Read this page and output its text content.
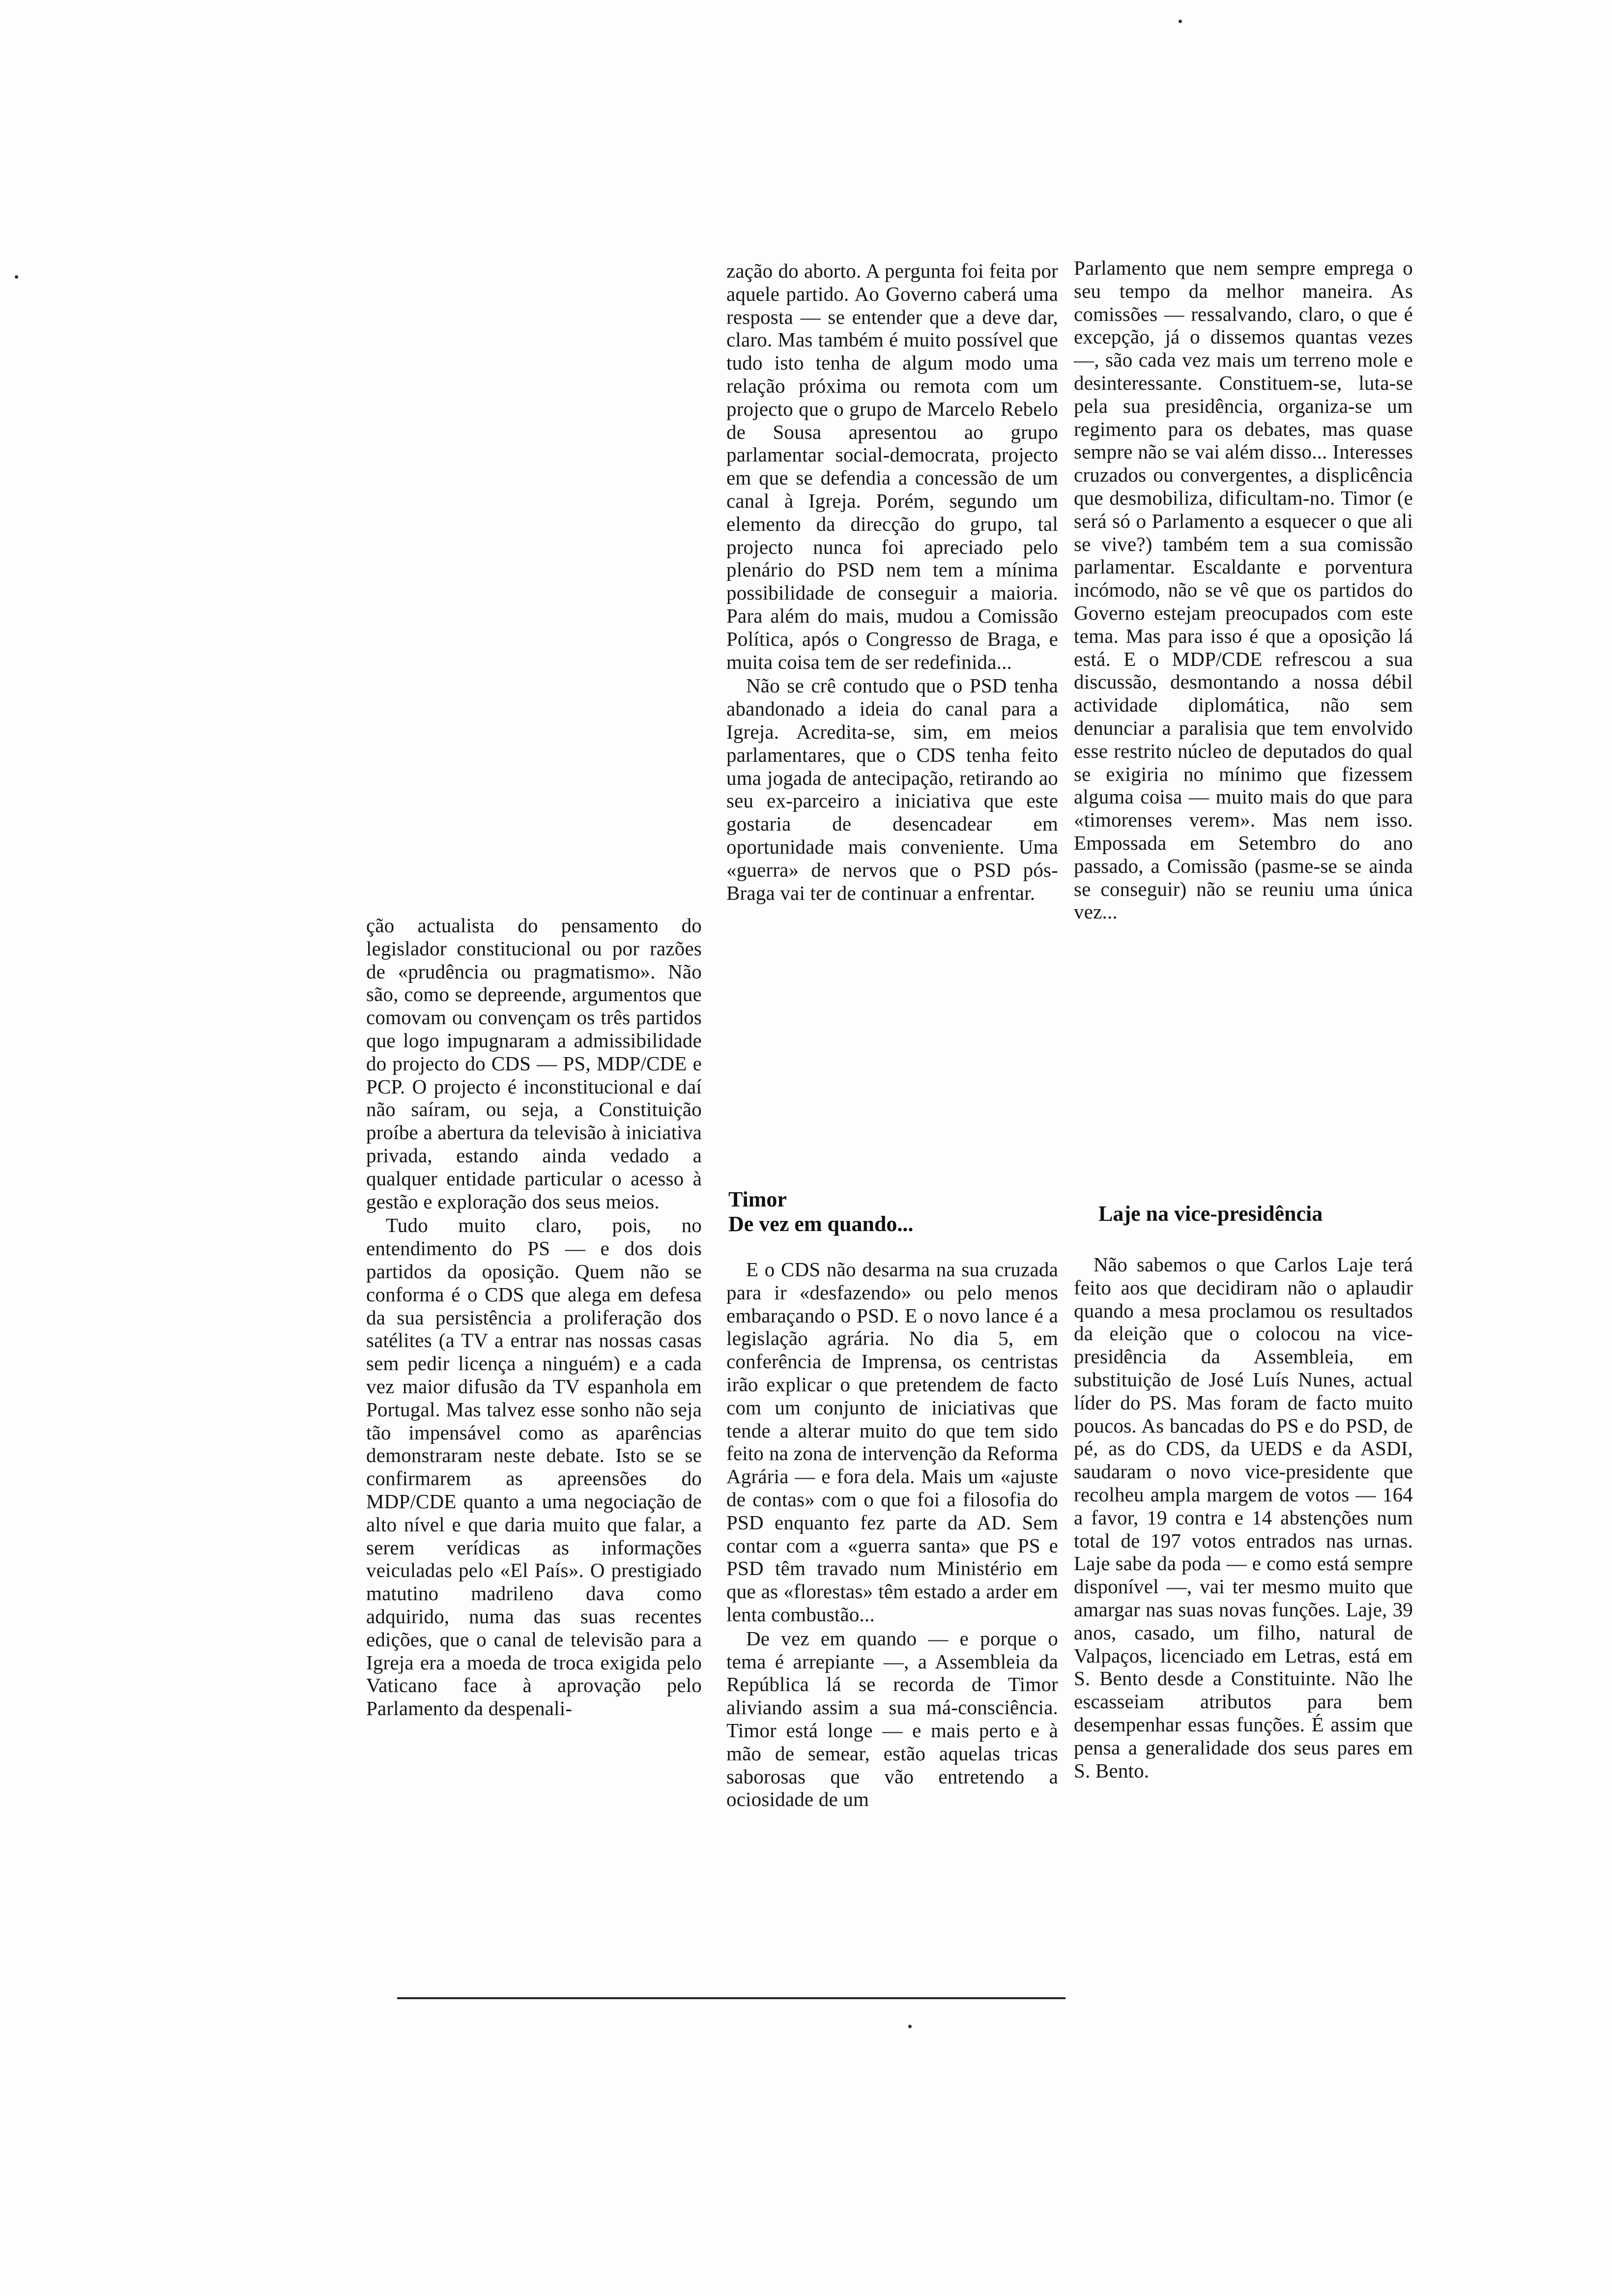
ção actualista do pensamento do legislador constitucional ou por razões de «prudência ou pragmatismo». Não são, como se depreende, argumentos que comovam ou convençam os três partidos que logo impugnaram a admissibilidade do projecto do CDS — PS, MDP/CDE e PCP. O projecto é inconstitucional e daí não saíram, ou seja, a Constituição proíbe a abertura da televisão à iniciativa privada, estando ainda vedado a qualquer entidade particular o acesso à gestão e exploração dos seus meios.

Tudo muito claro, pois, no entendimento do PS — e dos dois partidos da oposição. Quem não se conforma é o CDS que alega em defesa da sua persistência a proliferação dos satélites (a TV a entrar nas nossas casas sem pedir licença a ninguém) e a cada vez maior difusão da TV espanhola em Portugal. Mas talvez esse sonho não seja tão impensável como as aparências demonstraram neste debate. Isto se se confirmarem as apreensões do MDP/CDE quanto a uma negociação de alto nível e que daria muito que falar, a serem verídicas as informações veiculadas pelo «El País». O prestigiado matutino madrileno dava como adquirido, numa das suas recentes edições, que o canal de televisão para a Igreja era a moeda de troca exigida pelo Vaticano face à aprovação pelo Parlamento da despenali-

zação do aborto. A pergunta foi feita por aquele partido. Ao Governo caberá uma resposta — se entender que a deve dar, claro. Mas também é muito possível que tudo isto tenha de algum modo uma relação próxima ou remota com um projecto que o grupo de Marcelo Rebelo de Sousa apresentou ao grupo parlamentar social-democrata, projecto em que se defendia a concessão de um canal à Igreja. Porém, segundo um elemento da direcção do grupo, tal projecto nunca foi apreciado pelo plenário do PSD nem tem a mínima possibilidade de conseguir a maioria. Para além do mais, mudou a Comissão Política, após o Congresso de Braga, e muita coisa tem de ser redefinida...

Não se crê contudo que o PSD tenha abandonado a ideia do canal para a Igreja. Acredita-se, sim, em meios parlamentares, que o CDS tenha feito uma jogada de antecipação, retirando ao seu ex-parceiro a iniciativa que este gostaria de desencadear em oportunidade mais conveniente. Uma «guerra» de nervos que o PSD pós-Braga vai ter de continuar a enfrentar.

Timor
De vez em quando...

E o CDS não desarma na sua cruzada para ir «desfazendo» ou pelo menos embaraçando o PSD. E o novo lance é a legislação agrária. No dia 5, em conferência de Imprensa, os centristas irão explicar o que pretendem de facto com um conjunto de iniciativas que tende a alterar muito do que tem sido feito na zona de intervenção da Reforma Agrária — e fora dela. Mais um «ajuste de contas» com o que foi a filosofia do PSD enquanto fez parte da AD. Sem contar com a «guerra santa» que PS e PSD têm travado num Ministério em que as «florestas» têm estado a arder em lenta combustão...

De vez em quando — e porque o tema é arrepiante —, a Assembleia da República lá se recorda de Timor aliviando assim a sua má-consciência. Timor está longe — e mais perto e à mão de semear, estão aquelas tricas saborosas que vão entretendo a ociosidade de um

Parlamento que nem sempre emprega o seu tempo da melhor maneira. As comissões — ressalvando, claro, o que é excepção, já o dissemos quantas vezes —, são cada vez mais um terreno mole e desinteressante. Constituem-se, luta-se pela sua presidência, organiza-se um regimento para os debates, mas quase sempre não se vai além disso... Interesses cruzados ou convergentes, a displicência que desmobiliza, dificultam-no. Timor (e será só o Parlamento a esquecer o que ali se vive?) também tem a sua comissão parlamentar. Escaldante e porventura incómodo, não se vê que os partidos do Governo estejam preocupados com este tema. Mas para isso é que a oposição lá está. E o MDP/CDE refrescou a sua discussão, desmontando a nossa débil actividade diplomática, não sem denunciar a paralisia que tem envolvido esse restrito núcleo de deputados do qual se exigiria no mínimo que fizessem alguma coisa — muito mais do que para «timorenses verem». Mas nem isso. Empossada em Setembro do ano passado, a Comissão (pasme-se se ainda se conseguir) não se reuniu uma única vez...

Laje na vice-presidência

Não sabemos o que Carlos Laje terá feito aos que decidiram não o aplaudir quando a mesa proclamou os resultados da eleição que o colocou na vice-presidência da Assembleia, em substituição de José Luís Nunes, actual líder do PS. Mas foram de facto muito poucos. As bancadas do PS e do PSD, de pé, as do CDS, da UEDS e da ASDI, saudaram o novo vice-presidente que recolheu ampla margem de votos — 164 a favor, 19 contra e 14 abstenções num total de 197 votos entrados nas urnas. Laje sabe da poda — e como está sempre disponível —, vai ter mesmo muito que amargar nas suas novas funções. Laje, 39 anos, casado, um filho, natural de Valpaços, licenciado em Letras, está em S. Bento desde a Constituinte. Não lhe escasseiam atributos para bem desempenhar essas funções. É assim que pensa a generalidade dos seus pares em S. Bento.
